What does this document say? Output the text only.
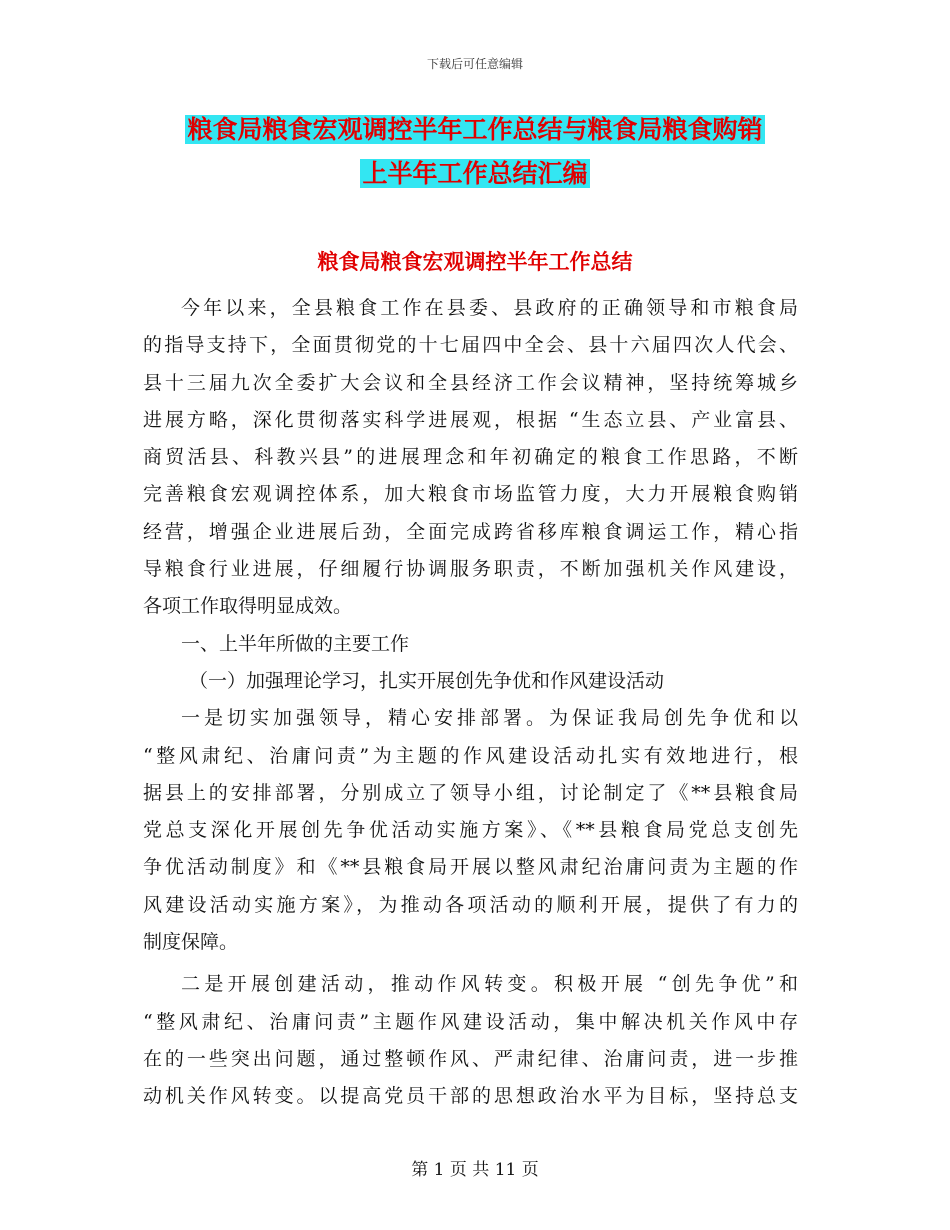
下载后可任意编辑
粮食局粮食宏观调控半年工作总结与粮食局粮食购销
上半年工作总结汇编
粮食局粮食宏观调控半年工作总结
今年以来，全县粮食工作在县委、县政府的正确领导和市粮食局
的指导支持下，全面贯彻党的十七届四中全会、县十六届四次人代会、
县十三届九次全委扩大会议和全县经济工作会议精神，坚持统筹城乡
进展方略，深化贯彻落实科学进展观，根据 “生态立县、产业富县、
商贸活县、科教兴县”的进展理念和年初确定的粮食工作思路，不断
完善粮食宏观调控体系，加大粮食市场监管力度，大力开展粮食购销
经营，增强企业进展后劲，全面完成跨省移库粮食调运工作，精心指
导粮食行业进展，仔细履行协调服务职责，不断加强机关作风建设，
各项工作取得明显成效。
一、上半年所做的主要工作
（一）加强理论学习，扎实开展创先争优和作风建设活动
一是切实加强领导，精心安排部署。为保证我局创先争优和以
“整风肃纪、治庸问责”为主题的作风建设活动扎实有效地进行，根
据县上的安排部署，分别成立了领导小组，讨论制定了《**县粮食局
党总支深化开展创先争优活动实施方案》、《**县粮食局党总支创先
争优活动制度》和《**县粮食局开展以整风肃纪治庸问责为主题的作
风建设活动实施方案》，为推动各项活动的顺利开展，提供了有力的
制度保障。
二是开展创建活动，推动作风转变。积极开展 “创先争优”和
“整风肃纪、治庸问责”主题作风建设活动，集中解决机关作风中存
在的一些突出问题，通过整顿作风、严肃纪律、治庸问责，进一步推
动机关作风转变。以提高党员干部的思想政治水平为目标，坚持总支
第 1 页 共 11 页
